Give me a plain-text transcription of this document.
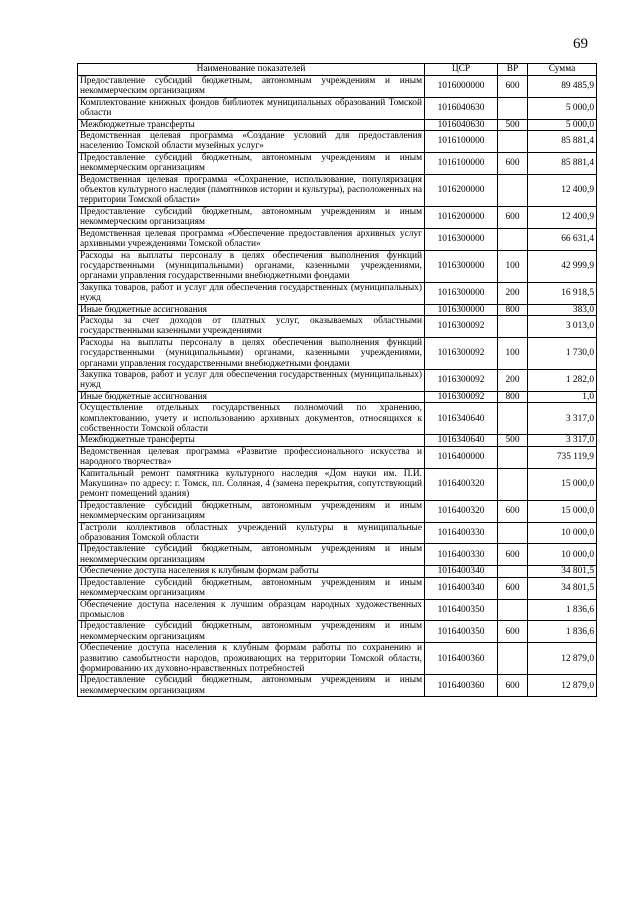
69
Наименование показателей	ЦСР	ВР	Сумма
Предоставление субсидий бюджетным, автономным учреждениям и иным некоммерческим организациям	1016000000	600	89 485,9
Комплектование книжных фондов библиотек муниципальных образований Томской области	1016040630		5 000,0
Межбюджетные трансферты	1016040630	500	5 000,0
Ведомственная целевая программа «Создание условий для предоставления населению Томской области музейных услуг»	1016100000		85 881,4
Предоставление субсидий бюджетным, автономным учреждениям и иным некоммерческим организациям	1016100000	600	85 881,4
Ведомственная целевая программа «Сохранение, использование, популяризация объектов культурного наследия (памятников истории и культуры), расположенных на территории Томской области»	1016200000		12 400,9
Предоставление субсидий бюджетным, автономным учреждениям и иным некоммерческим организациям	1016200000	600	12 400,9
Ведомственная целевая программа «Обеспечение предоставления архивных услуг архивными учреждениями Томской области»	1016300000		66 631,4
Расходы на выплаты персоналу в целях обеспечения выполнения функций государственными (муниципальными) органами, казенными учреждениями, органами управления государственными внебюджетными фондами	1016300000	100	42 999,9
Закупка товаров, работ и услуг для обеспечения государственных (муниципальных) нужд	1016300000	200	16 918,5
Иные бюджетные ассигнования	1016300000	800	383,0
Расходы за счет доходов от платных услуг, оказываемых областными государственными казенными учреждениями	1016300092		3 013,0
Расходы на выплаты персоналу в целях обеспечения выполнения функций государственными (муниципальными) органами, казенными учреждениями, органами управления государственными внебюджетными фондами	1016300092	100	1 730,0
Закупка товаров, работ и услуг для обеспечения государственных (муниципальных) нужд	1016300092	200	1 282,0
Иные бюджетные ассигнования	1016300092	800	1,0
Осуществление отдельных государственных полномочий по хранению, комплектованию, учету и использованию архивных документов, относящихся к собственности Томской области	1016340640		3 317,0
Межбюджетные трансферты	1016340640	500	3 317,0
Ведомственная целевая программа «Развитие профессионального искусства и народного творчества»	1016400000		735 119,9
Капитальный ремонт памятника культурного наследия «Дом науки им. П.И. Макушина» по адресу: г. Томск, пл. Соляная, 4 (замена перекрытия, сопутствующий ремонт помещений здания)	1016400320		15 000,0
Предоставление субсидий бюджетным, автономным учреждениям и иным некоммерческим организациям	1016400320	600	15 000,0
Гастроли коллективов областных учреждений культуры в муниципальные образования Томской области	1016400330		10 000,0
Предоставление субсидий бюджетным, автономным учреждениям и иным некоммерческим организациям	1016400330	600	10 000,0
Обеспечение доступа населения к клубным формам работы	1016400340		34 801,5
Предоставление субсидий бюджетным, автономным учреждениям и иным некоммерческим организациям	1016400340	600	34 801,5
Обеспечение доступа населения к лучшим образцам народных художественных промыслов	1016400350		1 836,6
Предоставление субсидий бюджетным, автономным учреждениям и иным некоммерческим организациям	1016400350	600	1 836,6
Обеспечение доступа населения к клубным формам работы по сохранению и развитию самобытности народов, проживающих на территории Томской области, формированию их духовно-нравственных потребностей	1016400360		12 879,0
Предоставление субсидий бюджетным, автономным учреждениям и иным некоммерческим организациям	1016400360	600	12 879,0
